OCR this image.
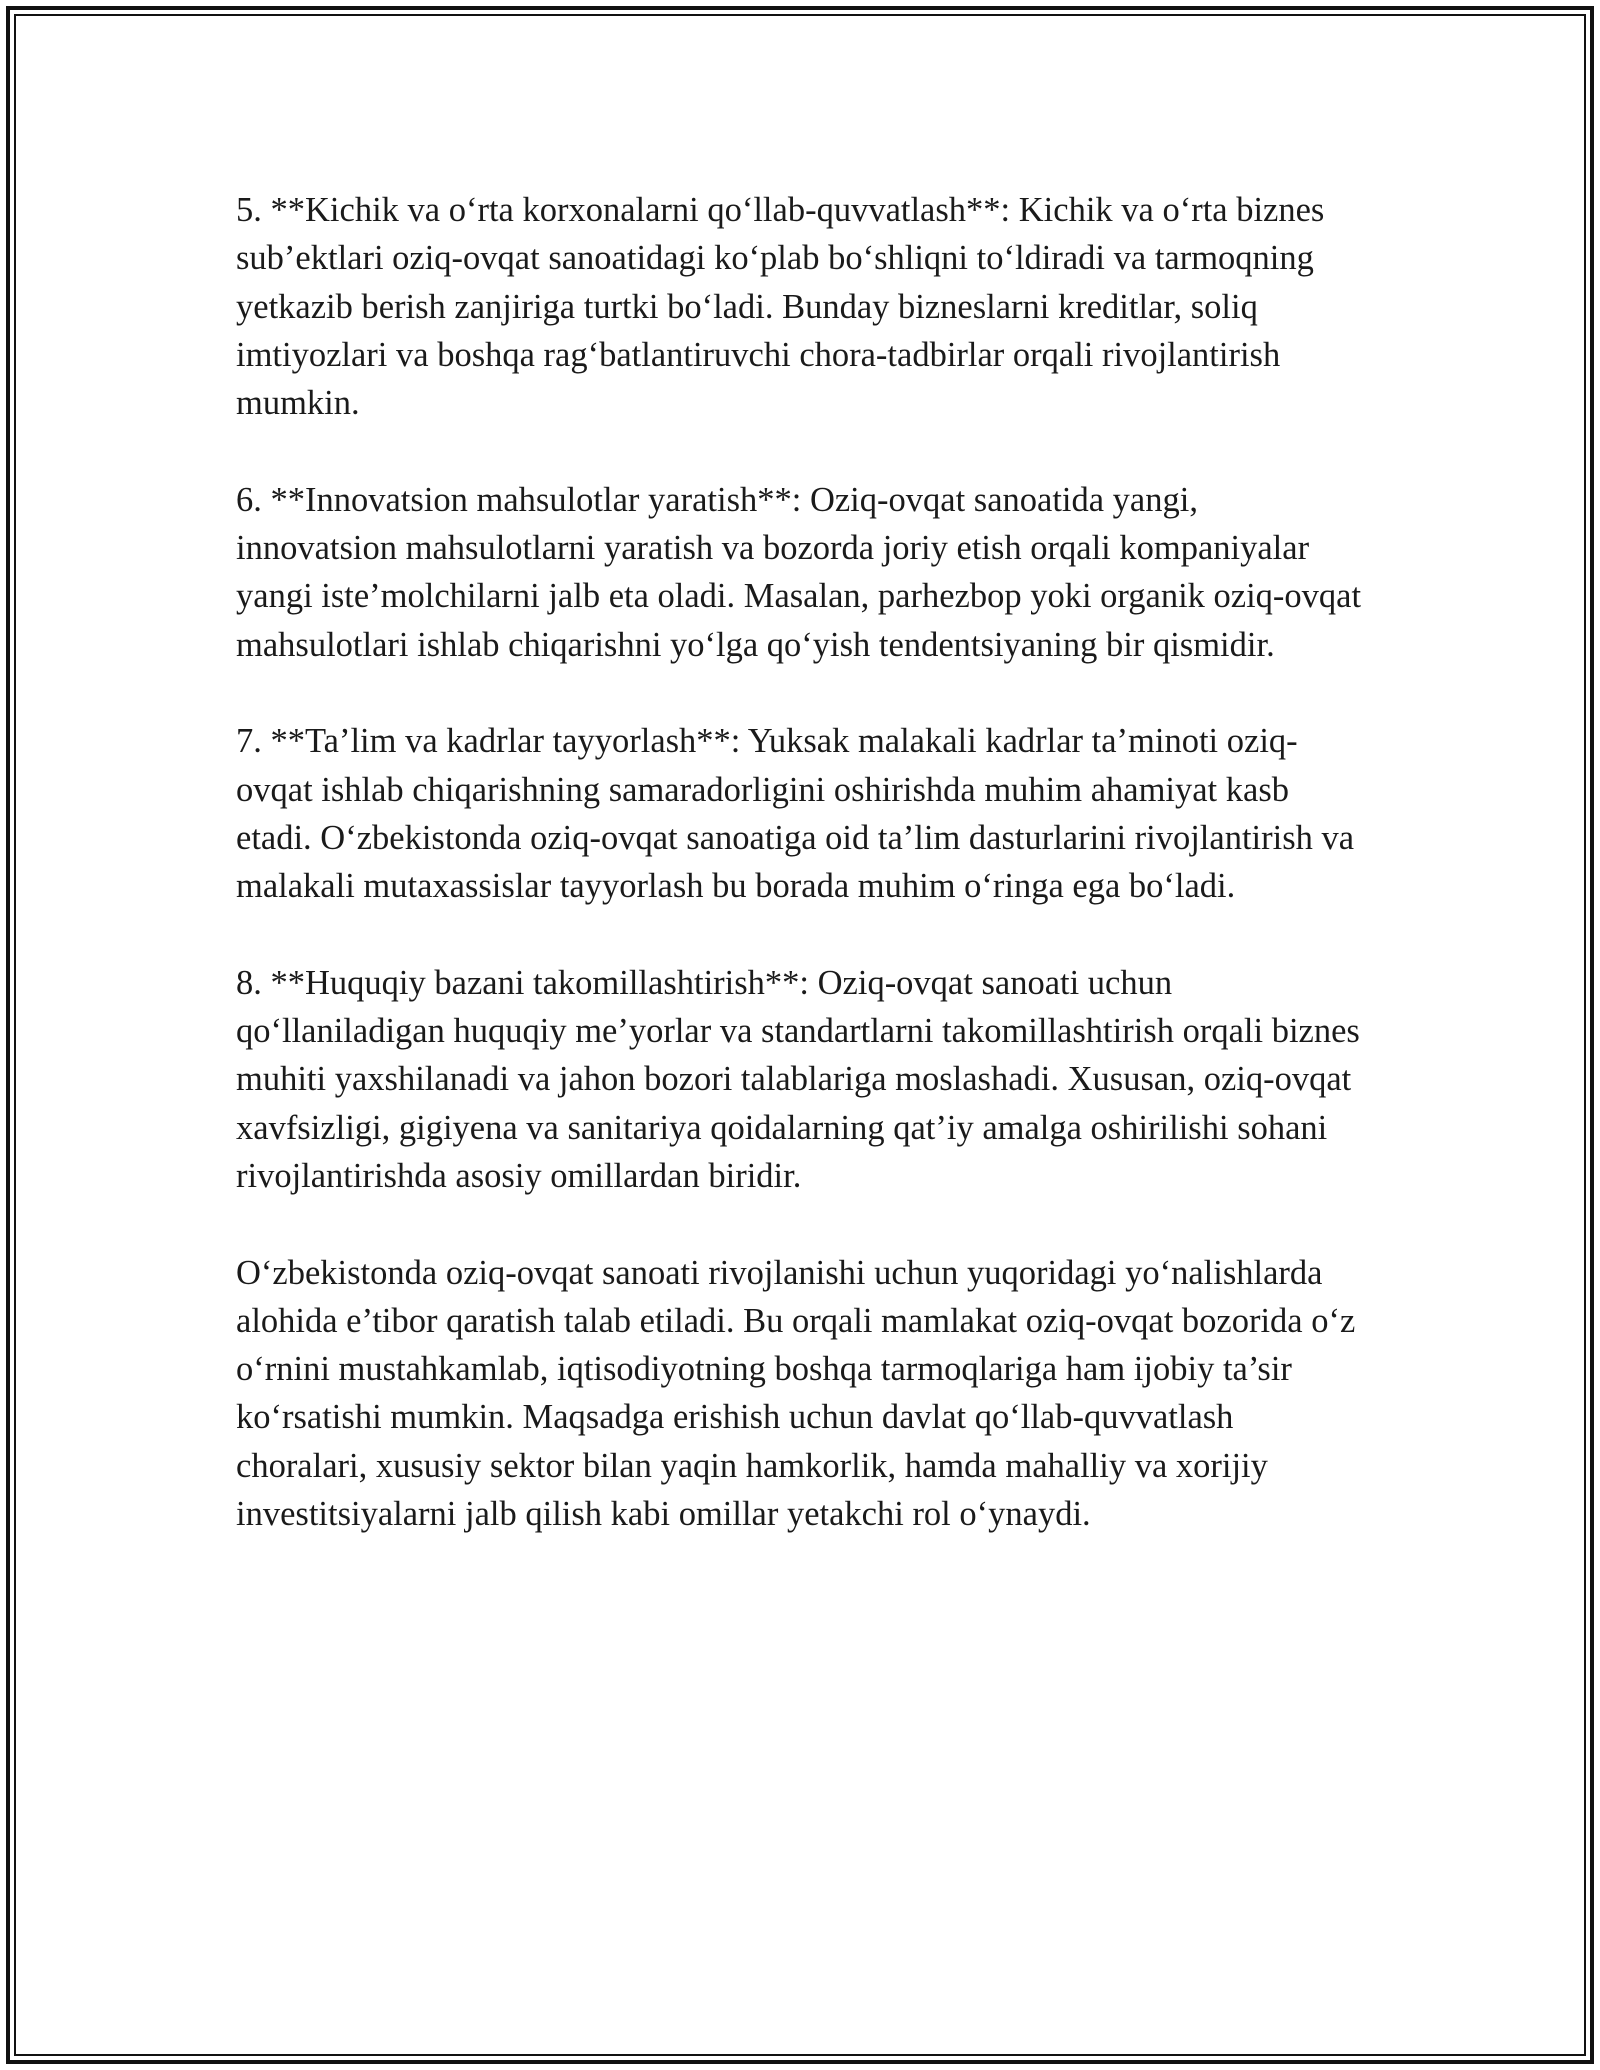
5. **Kichik va o‘rta korxonalarni qo‘llab-quvvatlash**: Kichik va o‘rta biznes sub’ektlari oziq-ovqat sanoatidagi ko‘plab bo‘shliqni to‘ldiradi va tarmoqning yetkazib berish zanjiriga turtki bo‘ladi. Bunday bizneslarni kreditlar, soliq imtiyozlari va boshqa rag‘batlantiruvchi chora-tadbirlar orqali rivojlantirish mumkin.

6. **Innovatsion mahsulotlar yaratish**: Oziq-ovqat sanoatida yangi, innovatsion mahsulotlarni yaratish va bozorda joriy etish orqali kompaniyalar yangi iste’molchilarni jalb eta oladi. Masalan, parhezbop yoki organik oziq-ovqat mahsulotlari ishlab chiqarishni yo‘lga qo‘yish tendentsiyaning bir qismidir.

7. **Ta’lim va kadrlar tayyorlash**: Yuksak malakali kadrlar ta’minoti oziq-ovqat ishlab chiqarishning samaradorligini oshirishda muhim ahamiyat kasb etadi. O‘zbekistonda oziq-ovqat sanoatiga oid ta’lim dasturlarini rivojlantirish va malakali mutaxassislar tayyorlash bu borada muhim o‘ringa ega bo‘ladi.

8. **Huquqiy bazani takomillashtirish**: Oziq-ovqat sanoati uchun qo‘llaniladigan huquqiy me’yorlar va standartlarni takomillashtirish orqali biznes muhiti yaxshilanadi va jahon bozori talablariga moslashadi. Xususan, oziq-ovqat xavfsizligi, gigiyena va sanitariya qoidalarning qat’iy amalga oshirilishi sohani rivojlantirishda asosiy omillardan biridir.

O‘zbekistonda oziq-ovqat sanoati rivojlanishi uchun yuqoridagi yo‘nalishlarda alohida e’tibor qaratish talab etiladi. Bu orqali mamlakat oziq-ovqat bozorida o‘z o‘rnini mustahkamlab, iqtisodiyotning boshqa tarmoqlariga ham ijobiy ta’sir ko‘rsatishi mumkin. Maqsadga erishish uchun davlat qo‘llab-quvvatlash choralari, xususiy sektor bilan yaqin hamkorlik, hamda mahalliy va xorijiy investitsiyalarni jalb qilish kabi omillar yetakchi rol o‘ynaydi.
